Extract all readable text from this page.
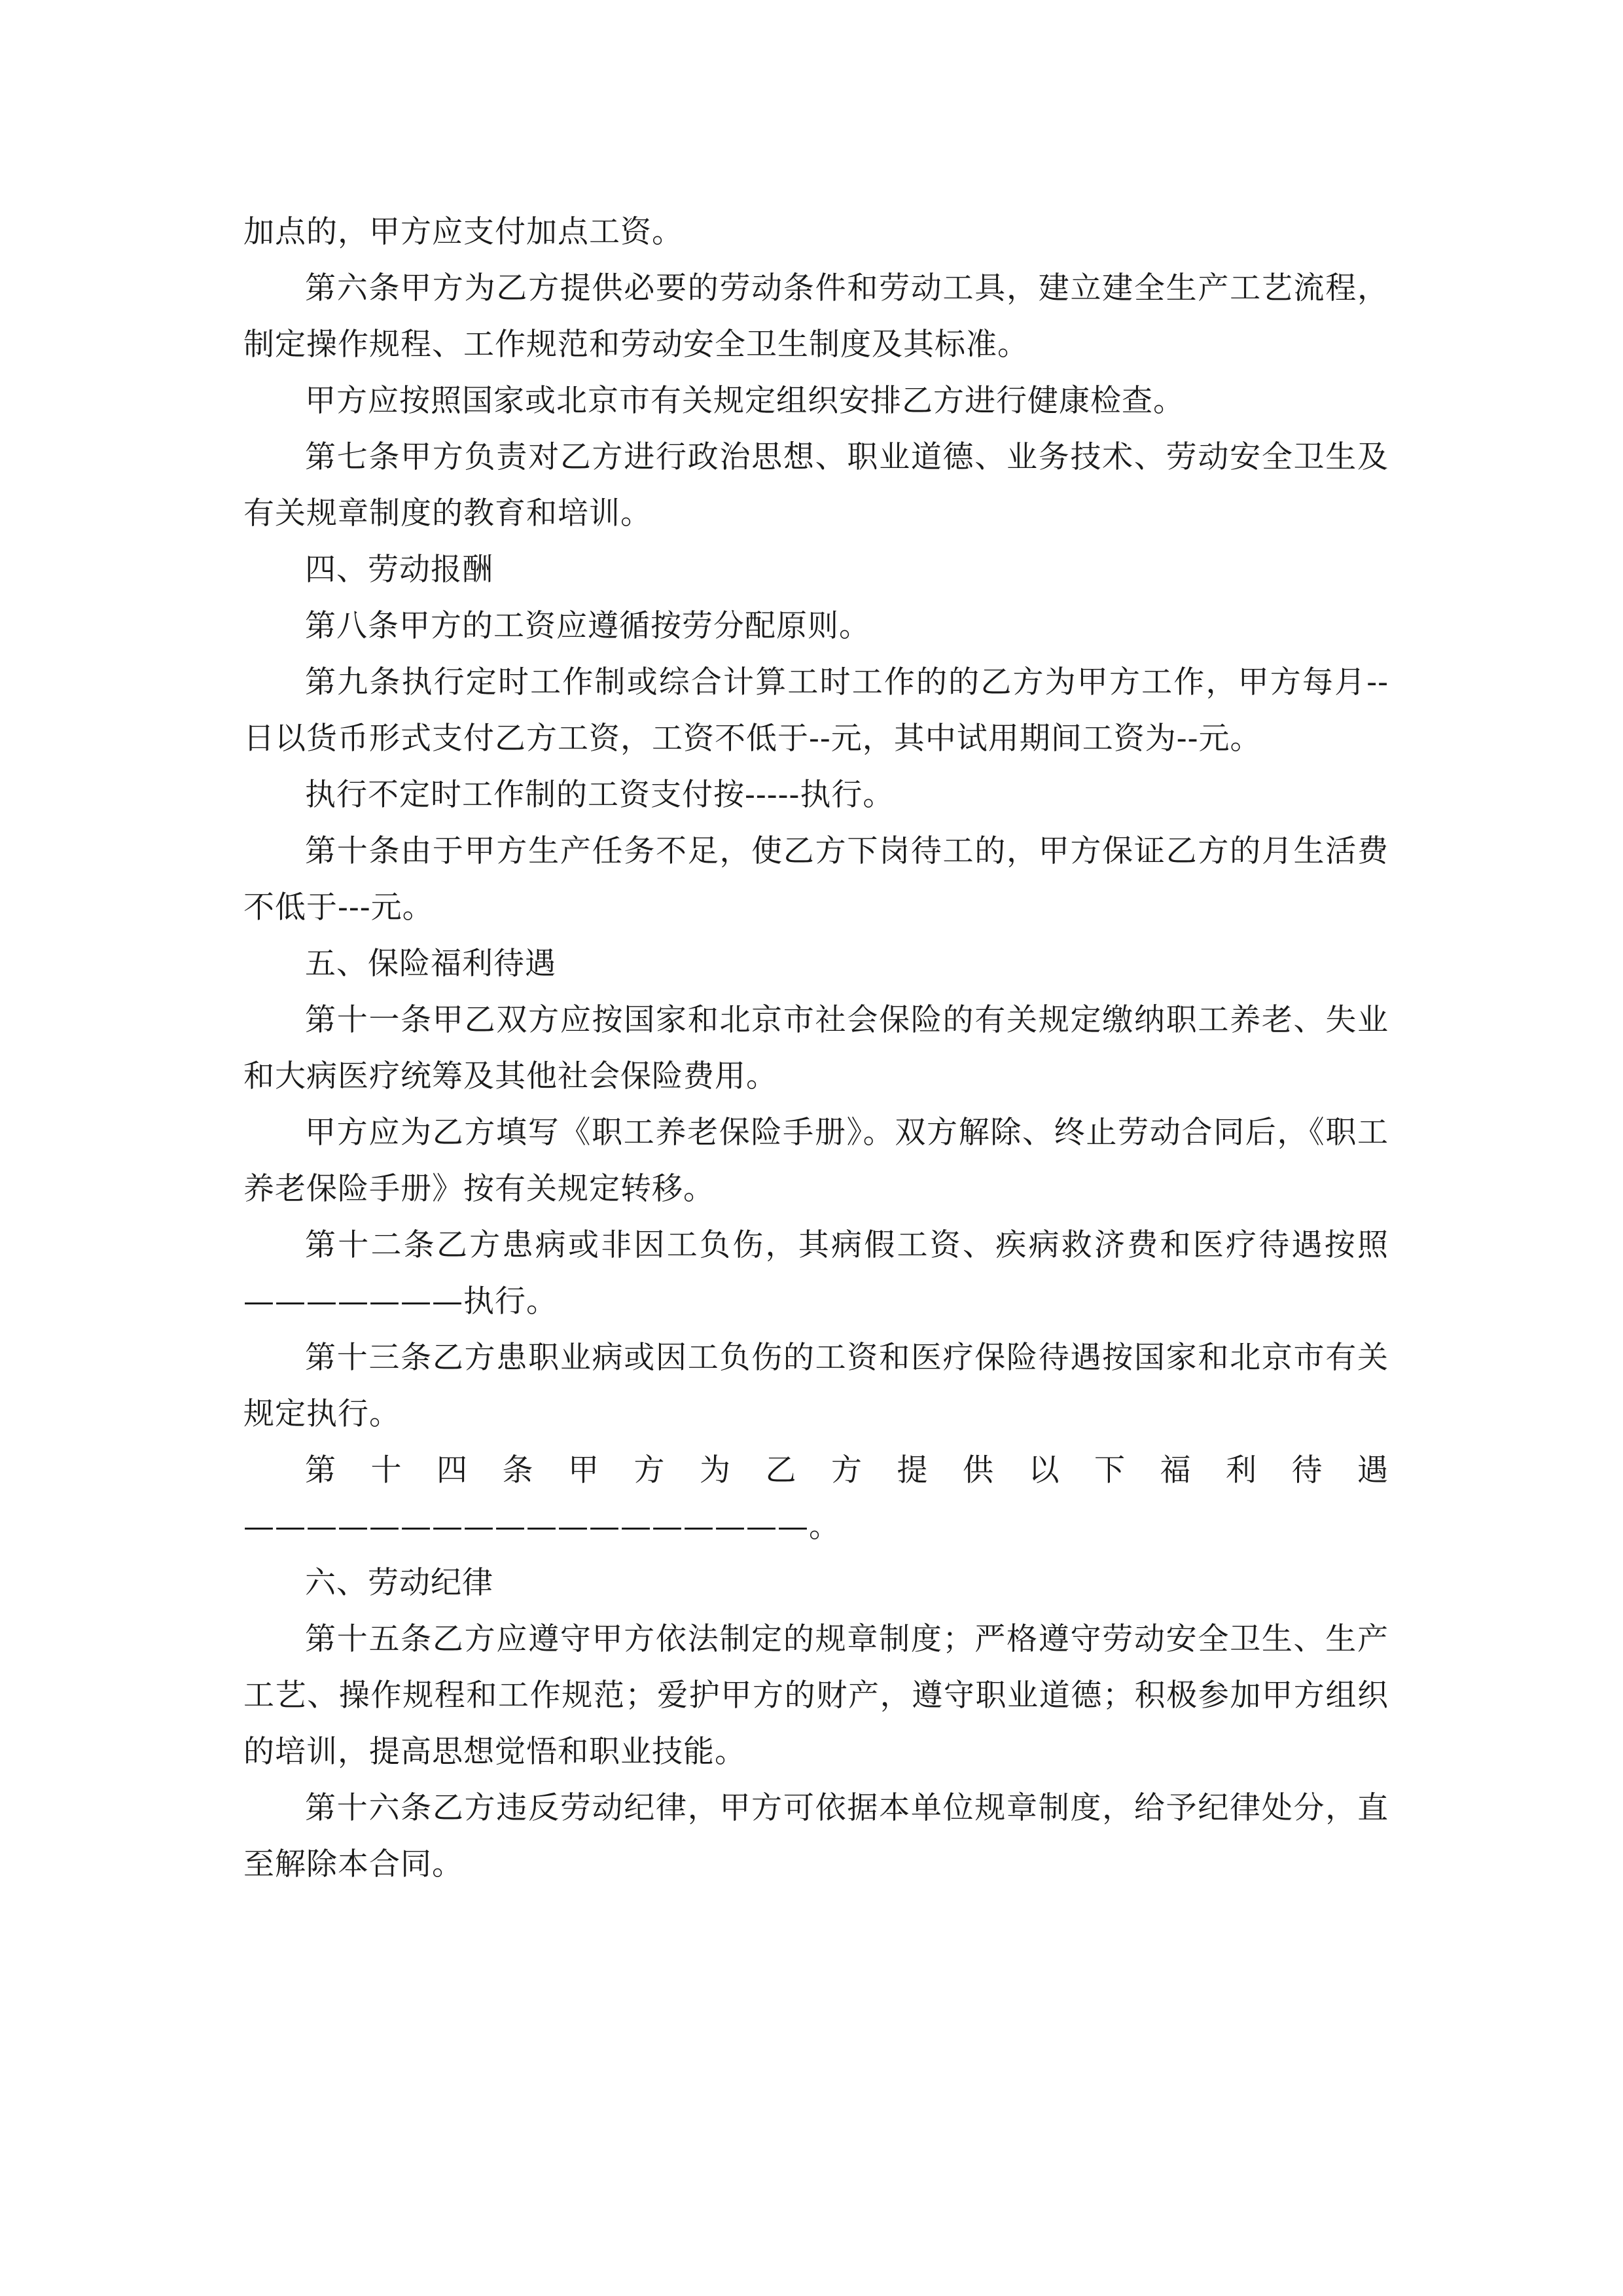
加点的，甲方应支付加点工资。

第六条甲方为乙方提供必要的劳动条件和劳动工具，建立建全生产工艺流程，制定操作规程、工作规范和劳动安全卫生制度及其标准。

甲方应按照国家或北京市有关规定组织安排乙方进行健康检查。

第七条甲方负责对乙方进行政治思想、职业道德、业务技术、劳动安全卫生及有关规章制度的教育和培训。

四、劳动报酬

第八条甲方的工资应遵循按劳分配原则。

第九条执行定时工作制或综合计算工时工作的的乙方为甲方工作，甲方每月--日以货币形式支付乙方工资，工资不低于--元，其中试用期间工资为--元。

执行不定时工作制的工资支付按-----执行。

第十条由于甲方生产任务不足，使乙方下岗待工的，甲方保证乙方的月生活费不低于---元。

五、保险福利待遇

第十一条甲乙双方应按国家和北京市社会保险的有关规定缴纳职工养老、失业和大病医疗统筹及其他社会保险费用。

甲方应为乙方填写《职工养老保险手册》。双方解除、终止劳动合同后，《职工养老保险手册》按有关规定转移。

第十二条乙方患病或非因工负伤，其病假工资、疾病救济费和医疗待遇按照———————执行。

第十三条乙方患职业病或因工负伤的工资和医疗保险待遇按国家和北京市有关规定执行。

第十四条甲方为乙方提供以下福利待遇——————————————————。

六、劳动纪律

第十五条乙方应遵守甲方依法制定的规章制度；严格遵守劳动安全卫生、生产工艺、操作规程和工作规范；爱护甲方的财产，遵守职业道德；积极参加甲方组织的培训，提高思想觉悟和职业技能。

第十六条乙方违反劳动纪律，甲方可依据本单位规章制度，给予纪律处分，直至解除本合同。
